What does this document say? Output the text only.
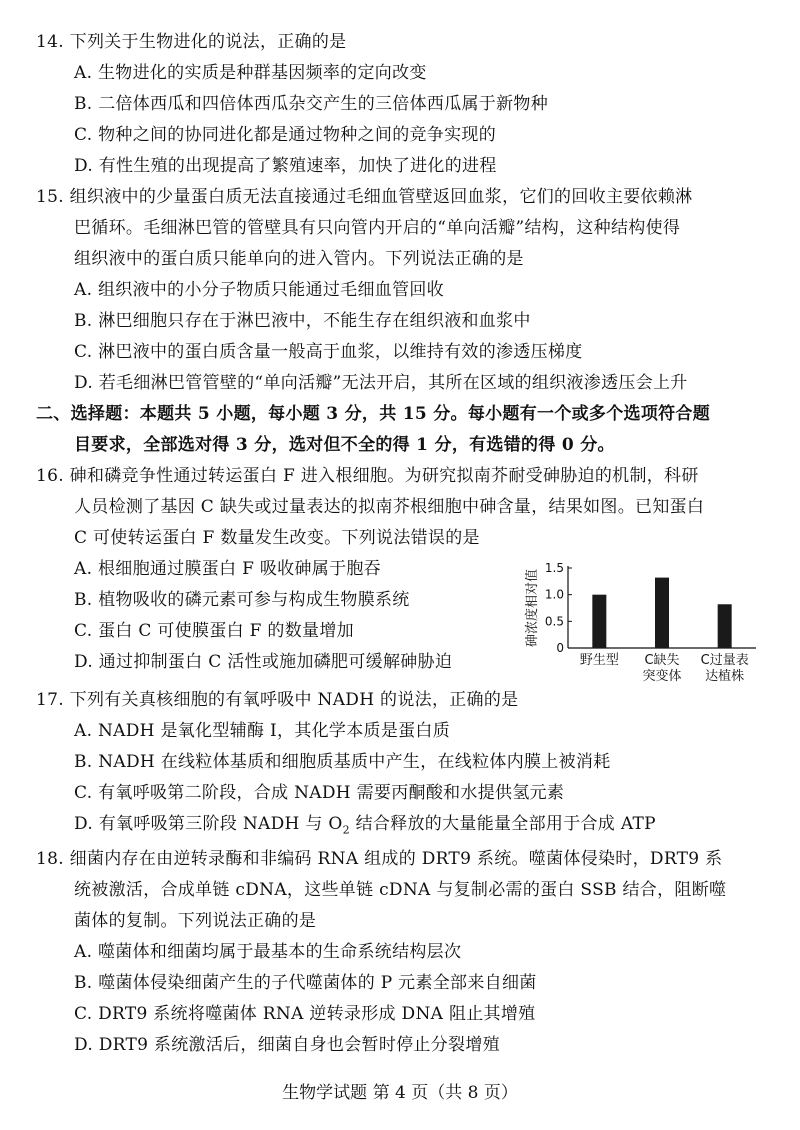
14. 下列关于生物进化的说法，正确的是
A. 生物进化的实质是种群基因频率的定向改变
B. 二倍体西瓜和四倍体西瓜杂交产生的三倍体西瓜属于新物种
C. 物种之间的协同进化都是通过物种之间的竞争实现的
D. 有性生殖的出现提高了繁殖速率，加快了进化的进程
15. 组织液中的少量蛋白质无法直接通过毛细血管壁返回血浆，它们的回收主要依赖淋
巴循环。毛细淋巴管的管壁具有只向管内开启的“单向活瓣”结构，这种结构使得
组织液中的蛋白质只能单向的进入管内。下列说法正确的是
A. 组织液中的小分子物质只能通过毛细血管回收
B. 淋巴细胞只存在于淋巴液中，不能生存在组织液和血浆中
C. 淋巴液中的蛋白质含量一般高于血浆，以维持有效的渗透压梯度
D. 若毛细淋巴管管壁的“单向活瓣”无法开启，其所在区域的组织液渗透压会上升
二、选择题：本题共 5 小题，每小题 3 分，共 15 分。每小题有一个或多个选项符合题
目要求，全部选对得 3 分，选对但不全的得 1 分，有选错的得 0 分。
16. 砷和磷竞争性通过转运蛋白 F 进入根细胞。为研究拟南芥耐受砷胁迫的机制，科研
人员检测了基因 C 缺失或过量表达的拟南芥根细胞中砷含量，结果如图。已知蛋白
C 可使转运蛋白 F 数量发生改变。下列说法错误的是
A. 根细胞通过膜蛋白 F 吸收砷属于胞吞
B. 植物吸收的磷元素可参与构成生物膜系统
C. 蛋白 C 可使膜蛋白 F 的数量增加
D. 通过抑制蛋白 C 活性或施加磷肥可缓解砷胁迫
砷浓度相对值
0
0.5
1.0
1.5
野生型 C缺失
突变体
C过量表
达植株
17. 下列有关真核细胞的有氧呼吸中 NADH 的说法，正确的是
A. NADH 是氧化型辅酶 I，其化学本质是蛋白质
B. NADH 在线粒体基质和细胞质基质中产生，在线粒体内膜上被消耗
C. 有氧呼吸第二阶段，合成 NADH 需要丙酮酸和水提供氢元素
D. 有氧呼吸第三阶段 NADH 与 $O_2$ 结合释放的大量能量全部用于合成 ATP
18. 细菌内存在由逆转录酶和非编码 RNA 组成的 DRT9 系统。噬菌体侵染时，DRT9 系
统被激活，合成单链 cDNA，这些单链 cDNA 与复制必需的蛋白 SSB 结合，阻断噬
菌体的复制。下列说法正确的是
A. 噬菌体和细菌均属于最基本的生命系统结构层次
B. 噬菌体侵染细菌产生的子代噬菌体的 P 元素全部来自细菌
C. DRT9 系统将噬菌体 RNA 逆转录形成 DNA 阻止其增殖
D. DRT9 系统激活后，细菌自身也会暂时停止分裂增殖
生物学试题 第 4 页（共 8 页）
